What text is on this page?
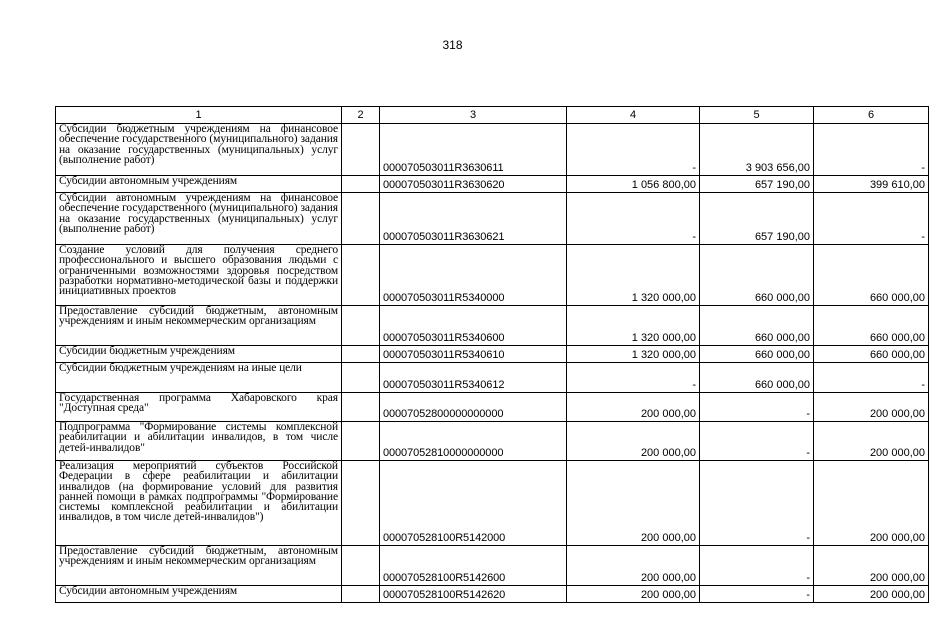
318
1	2	3	4	5	6
Субсидии бюджетным учреждениям на финансовое обеспечение государственного (муниципального) задания на оказание государственных (муниципальных) услуг (выполнение работ)		000070503011R3630611	-	3 903 656,00	-
Субсидии автономным учреждениям		000070503011R3630620	1 056 800,00	657 190,00	399 610,00
Субсидии автономным учреждениям на финансовое обеспечение государственного (муниципального) задания на оказание государственных (муниципальных) услуг (выполнение работ)		000070503011R3630621	-	657 190,00	-
Создание условий для получения среднего профессионального и высшего образования людьми с ограниченными возможностями здоровья посредством разработки нормативно-методической базы и поддержки инициативных проектов		000070503011R5340000	1 320 000,00	660 000,00	660 000,00
Предоставление субсидий бюджетным, автономным учреждениям и иным некоммерческим организациям		000070503011R5340600	1 320 000,00	660 000,00	660 000,00
Субсидии бюджетным учреждениям		000070503011R5340610	1 320 000,00	660 000,00	660 000,00
Субсидии бюджетным учреждениям на иные цели		000070503011R5340612	-	660 000,00	-
Государственная программа Хабаровского края "Доступная среда"		00007052800000000000	200 000,00	-	200 000,00
Подпрограмма "Формирование системы комплексной реабилитации и абилитации инвалидов, в том числе детей-инвалидов"		00007052810000000000	200 000,00	-	200 000,00
Реализация мероприятий субъектов Российской Федерации в сфере реабилитации и абилитации инвалидов (на формирование условий для развития ранней помощи в рамках подпрограммы "Формирование системы комплексной реабилитации и абилитации инвалидов, в том числе детей-инвалидов")		000070528100R5142000	200 000,00	-	200 000,00
Предоставление субсидий бюджетным, автономным учреждениям и иным некоммерческим организациям		000070528100R5142600	200 000,00	-	200 000,00
Субсидии автономным учреждениям		000070528100R5142620	200 000,00	-	200 000,00
